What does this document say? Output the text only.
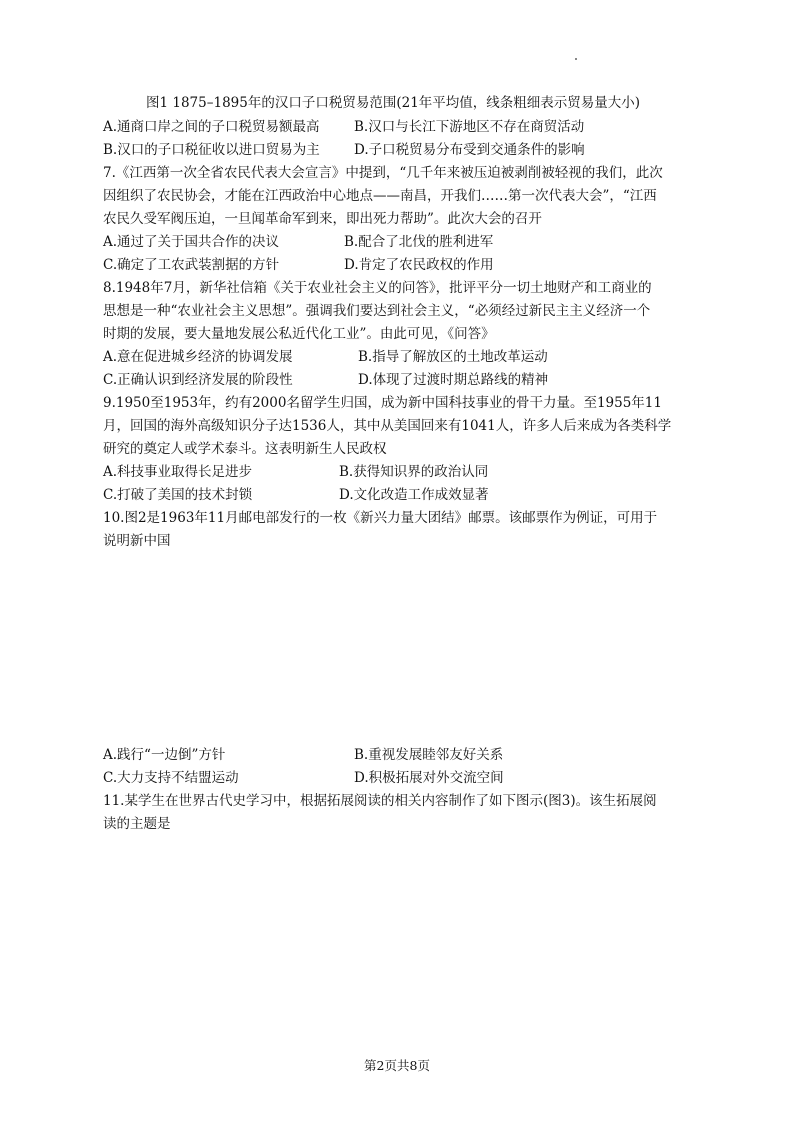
图1 1875–1895年的汉口子口税贸易范围(21年平均值，线条粗细表示贸易量大小)
A.通商口岸之间的子口税贸易额最高	B.汉口与长江下游地区不存在商贸活动
B.汉口的子口税征收以进口贸易为主	D.子口税贸易分布受到交通条件的影响
7.《江西第一次全省农民代表大会宣言》中提到，“几千年来被压迫被剥削被轻视的我们，此次
因组织了农民协会，才能在江西政治中心地点——南昌，开我们……第一次代表大会”，“江西
农民久受军阀压迫，一旦闻革命军到来，即出死力帮助”。此次大会的召开
A.通过了关于国共合作的决议	B.配合了北伐的胜利进军
C.确定了工农武装割据的方针	D.肯定了农民政权的作用
8.1948年7月，新华社信箱《关于农业社会主义的问答》，批评平分一切土地财产和工商业的
思想是一种“农业社会主义思想”。强调我们要达到社会主义，“必须经过新民主主义经济一个
时期的发展，要大量地发展公私近代化工业”。由此可见，《问答》
A.意在促进城乡经济的协调发展	B.指导了解放区的土地改革运动
C.正确认识到经济发展的阶段性	D.体现了过渡时期总路线的精神
9.1950至1953年，约有2000名留学生归国，成为新中国科技事业的骨干力量。至1955年11
月，回国的海外高级知识分子达1536人，其中从美国回来有1041人，许多人后来成为各类科学
研究的奠定人或学术泰斗。这表明新生人民政权
A.科技事业取得长足进步	B.获得知识界的政治认同
C.打破了美国的技术封锁	D.文化改造工作成效显著
10.图2是1963年11月邮电部发行的一枚《新兴力量大团结》邮票。该邮票作为例证，可用于
说明新中国
A.践行“一边倒”方针	B.重视发展睦邻友好关系
C.大力支持不结盟运动	D.积极拓展对外交流空间
11.某学生在世界古代史学习中，根据拓展阅读的相关内容制作了如下图示(图3)。该生拓展阅
读的主题是
第2页共8页
